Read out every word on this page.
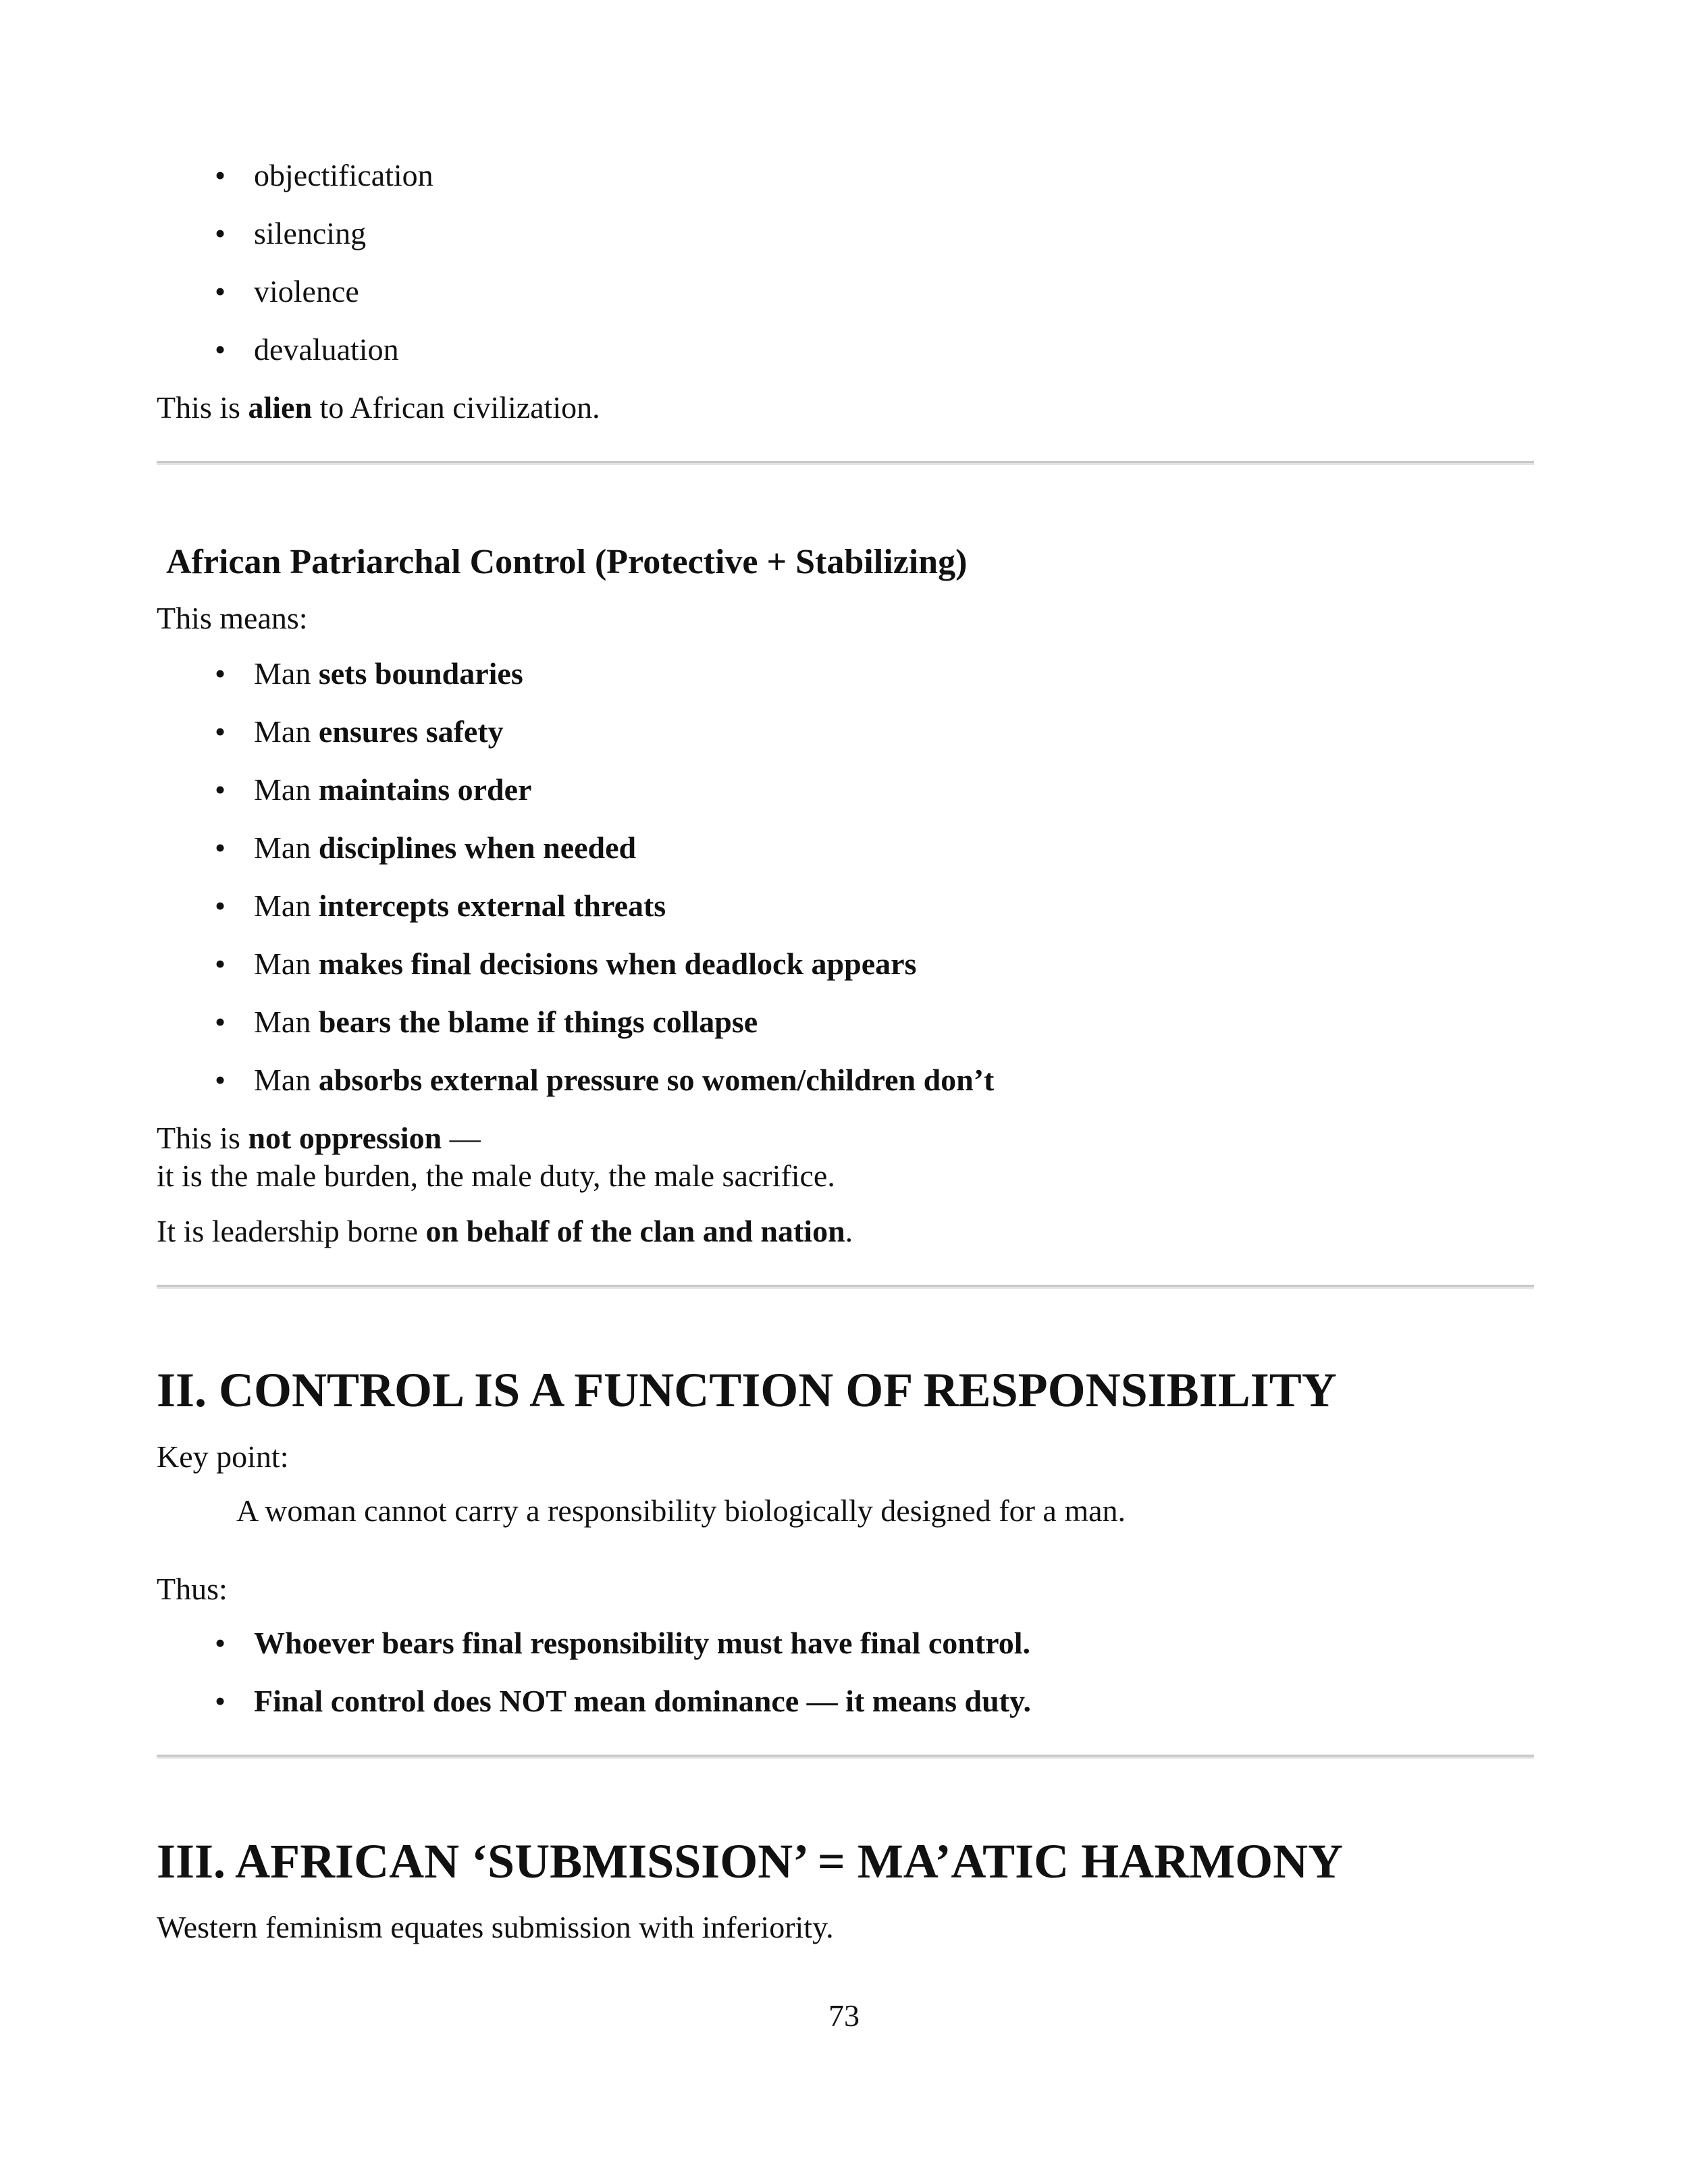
• objectification
• silencing
• violence
• devaluation
This is alien to African civilization.
African Patriarchal Control (Protective + Stabilizing)
This means:
• Man sets boundaries
• Man ensures safety
• Man maintains order
• Man disciplines when needed
• Man intercepts external threats
• Man makes final decisions when deadlock appears
• Man bears the blame if things collapse
• Man absorbs external pressure so women/children don’t
This is not oppression —
it is the male burden, the male duty, the male sacrifice.
It is leadership borne on behalf of the clan and nation.
II. CONTROL IS A FUNCTION OF RESPONSIBILITY
Key point:
A woman cannot carry a responsibility biologically designed for a man.
Thus:
• Whoever bears final responsibility must have final control.
• Final control does NOT mean dominance — it means duty.
III. AFRICAN ‘SUBMISSION’ = MA’ATIC HARMONY
Western feminism equates submission with inferiority.
73
